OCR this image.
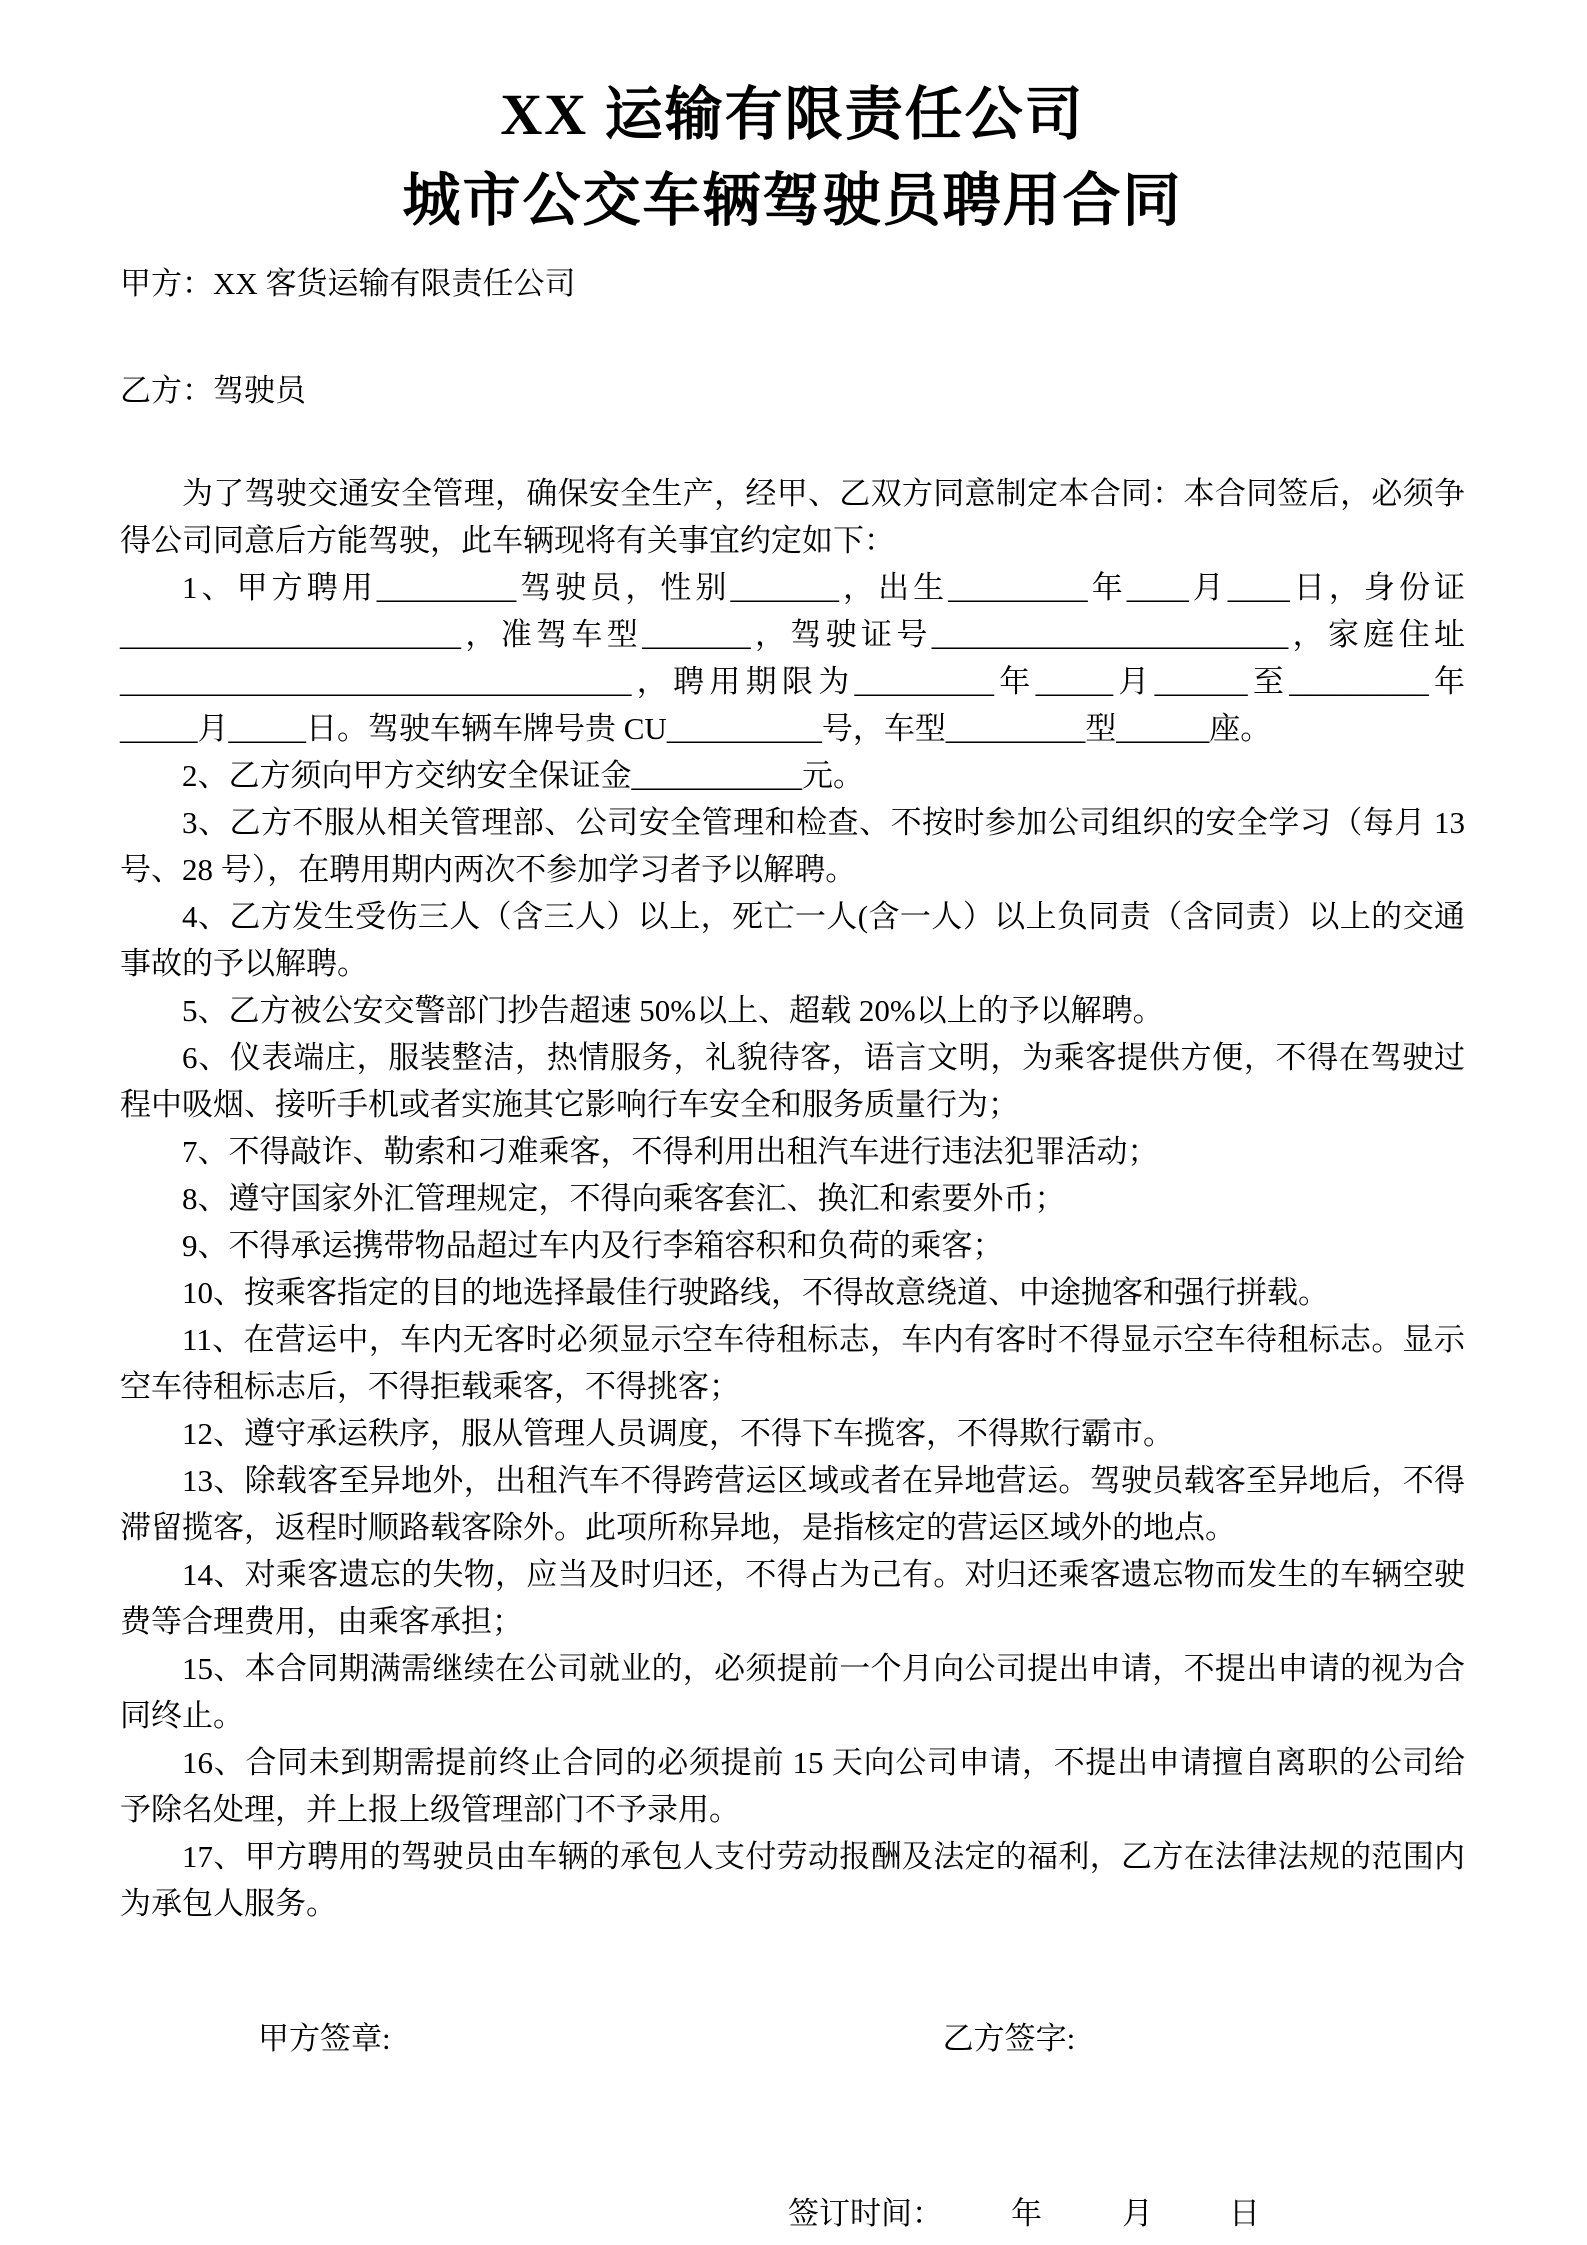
XX 运输有限责任公司
城市公交车辆驾驶员聘用合同

甲方：XX 客货运输有限责任公司

乙方：驾驶员

为了驾驶交通安全管理，确保安全生产，经甲、乙双方同意制定本合同：本合同签后，必须争得公司同意后方能驾驶，此车辆现将有关事宜约定如下：

1、甲方聘用_________驾驶员，性别_______，出生_________年____月____日，身份证______________________，准驾车型_______，驾驶证号_______________________，家庭住址 _________________________________，聘用期限为_________年_____月______至_________年_____月_____日。驾驶车辆车牌号贵 CU__________号，车型_________型______座。

2、乙方须向甲方交纳安全保证金___________元。

3、乙方不服从相关管理部、公司安全管理和检查、不按时参加公司组织的安全学习（每月 13 号、28 号），在聘用期内两次不参加学习者予以解聘。

4、乙方发生受伤三人（含三人）以上，死亡一人(含一人）以上负同责（含同责）以上的交通事故的予以解聘。

5、乙方被公安交警部门抄告超速 50%以上、超载 20%以上的予以解聘。

6、仪表端庄，服装整洁，热情服务，礼貌待客，语言文明，为乘客提供方便，不得在驾驶过程中吸烟、接听手机或者实施其它影响行车安全和服务质量行为；

7、不得敲诈、勒索和刁难乘客，不得利用出租汽车进行违法犯罪活动；

8、遵守国家外汇管理规定，不得向乘客套汇、换汇和索要外币；

9、不得承运携带物品超过车内及行李箱容积和负荷的乘客；

10、按乘客指定的目的地选择最佳行驶路线，不得故意绕道、中途抛客和强行拼载。

11、在营运中，车内无客时必须显示空车待租标志，车内有客时不得显示空车待租标志。显示空车待租标志后，不得拒载乘客，不得挑客；

12、遵守承运秩序，服从管理人员调度，不得下车揽客，不得欺行霸市。

13、除载客至异地外，出租汽车不得跨营运区域或者在异地营运。驾驶员载客至异地后，不得滞留揽客，返程时顺路载客除外。此项所称异地，是指核定的营运区域外的地点。

14、对乘客遗忘的失物，应当及时归还，不得占为己有。对归还乘客遗忘物而发生的车辆空驶费等合理费用，由乘客承担；

15、本合同期满需继续在公司就业的，必须提前一个月向公司提出申请，不提出申请的视为合同终止。

16、合同未到期需提前终止合同的必须提前 15 天向公司申请，不提出申请擅自离职的公司给予除名处理，并上报上级管理部门不予录用。

17、甲方聘用的驾驶员由车辆的承包人支付劳动报酬及法定的福利，乙方在法律法规的范围内为承包人服务。

甲方签章:	乙方签字:
签订时间： 年	月 日
